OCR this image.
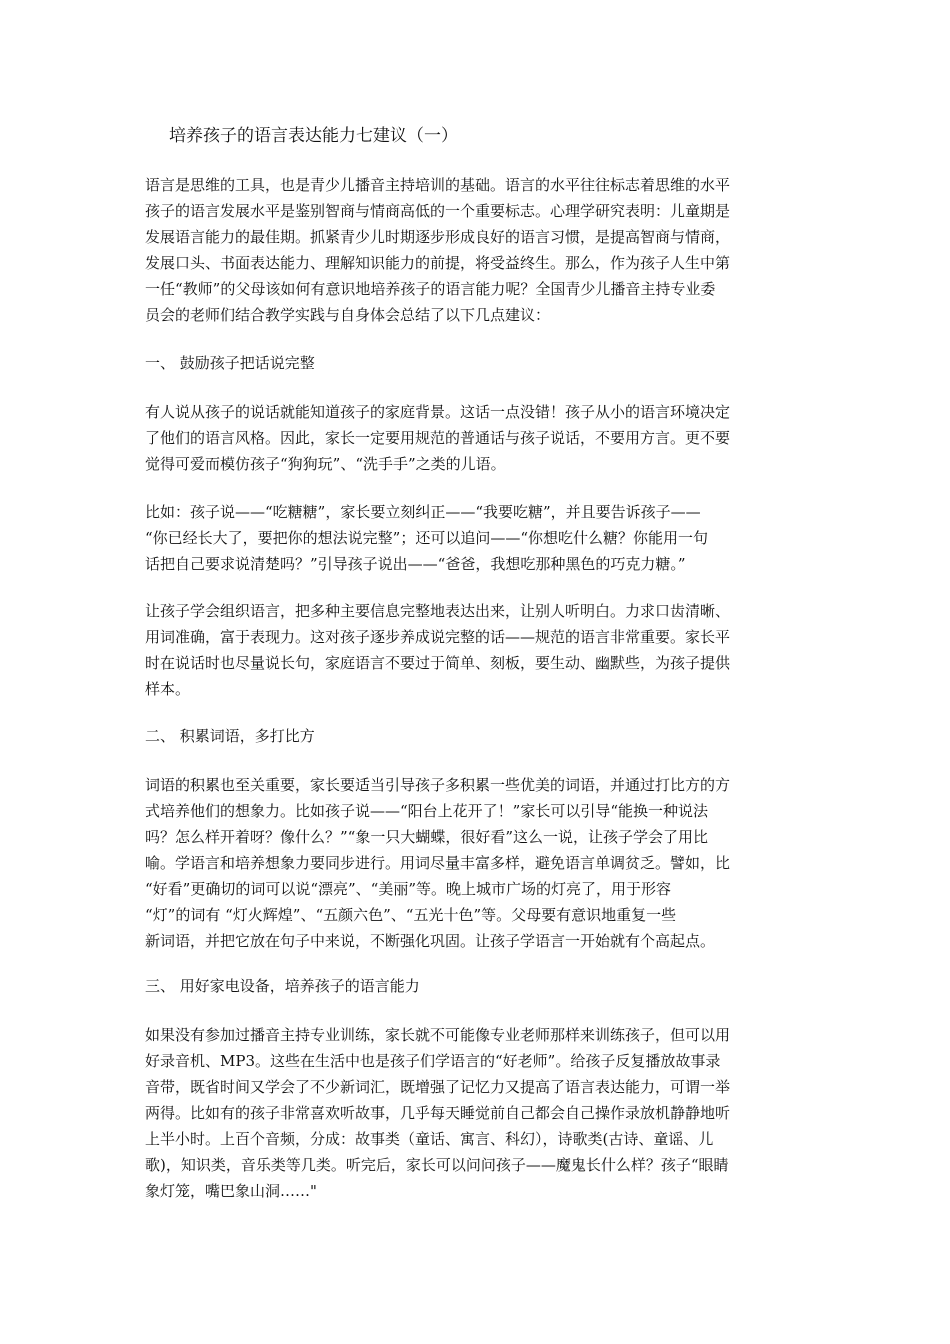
培养孩子的语言表达能力七建议（一）
语言是思维的工具，也是青少儿播音主持培训的基础。语言的水平往往标志着思维的水平
孩子的语言发展水平是鉴别智商与情商高低的一个重要标志。心理学研究表明：儿童期是
发展语言能力的最佳期。抓紧青少儿时期逐步形成良好的语言习惯，是提高智商与情商，
发展口头、书面表达能力、理解知识能力的前提，将受益终生。那么，作为孩子人生中第
一任“教师”的父母该如何有意识地培养孩子的语言能力呢？全国青少儿播音主持专业委
员会的老师们结合教学实践与自身体会总结了以下几点建议：
一、 鼓励孩子把话说完整
有人说从孩子的说话就能知道孩子的家庭背景。这话一点没错！孩子从小的语言环境决定
了他们的语言风格。因此，家长一定要用规范的普通话与孩子说话，不要用方言。更不要
觉得可爱而模仿孩子“狗狗玩”、“洗手手”之类的儿语。
比如：孩子说——“吃糖糖”，家长要立刻纠正——“我要吃糖”，并且要告诉孩子——
“你已经长大了，要把你的想法说完整”；还可以追问——“你想吃什么糖？你能用一句
话把自己要求说清楚吗？”引导孩子说出——“爸爸，我想吃那种黑色的巧克力糖。”
让孩子学会组织语言，把多种主要信息完整地表达出来，让别人听明白。力求口齿清晰、
用词准确，富于表现力。这对孩子逐步养成说完整的话——规范的语言非常重要。家长平
时在说话时也尽量说长句，家庭语言不要过于简单、刻板，要生动、幽默些，为孩子提供
样本。
二、 积累词语，多打比方
词语的积累也至关重要，家长要适当引导孩子多积累一些优美的词语，并通过打比方的方
式培养他们的想象力。比如孩子说——“阳台上花开了！”家长可以引导“能换一种说法
吗？怎么样开着呀？像什么？”“象一只大蝴蝶，很好看”这么一说，让孩子学会了用比
喻。学语言和培养想象力要同步进行。用词尽量丰富多样，避免语言单调贫乏。譬如，比
“好看”更确切的词可以说“漂亮”、“美丽”等。晚上城市广场的灯亮了，用于形容
“灯”的词有 “灯火辉煌”、“五颜六色”、“五光十色”等。父母要有意识地重复一些
新词语，并把它放在句子中来说，不断强化巩固。让孩子学语言一开始就有个高起点。
三、 用好家电设备，培养孩子的语言能力
如果没有参加过播音主持专业训练，家长就不可能像专业老师那样来训练孩子，但可以用
好录音机、MP3。这些在生活中也是孩子们学语言的“好老师”。给孩子反复播放故事录
音带，既省时间又学会了不少新词汇，既增强了记忆力又提高了语言表达能力，可谓一举
两得。比如有的孩子非常喜欢听故事，几乎每天睡觉前自己都会自己操作录放机静静地听
上半小时。上百个音频，分成：故事类（童话、寓言、科幻），诗歌类(古诗、童谣、儿
歌)，知识类，音乐类等几类。听完后，家长可以问问孩子——魔鬼长什么样？孩子“眼睛
象灯笼，嘴巴象山洞……"
